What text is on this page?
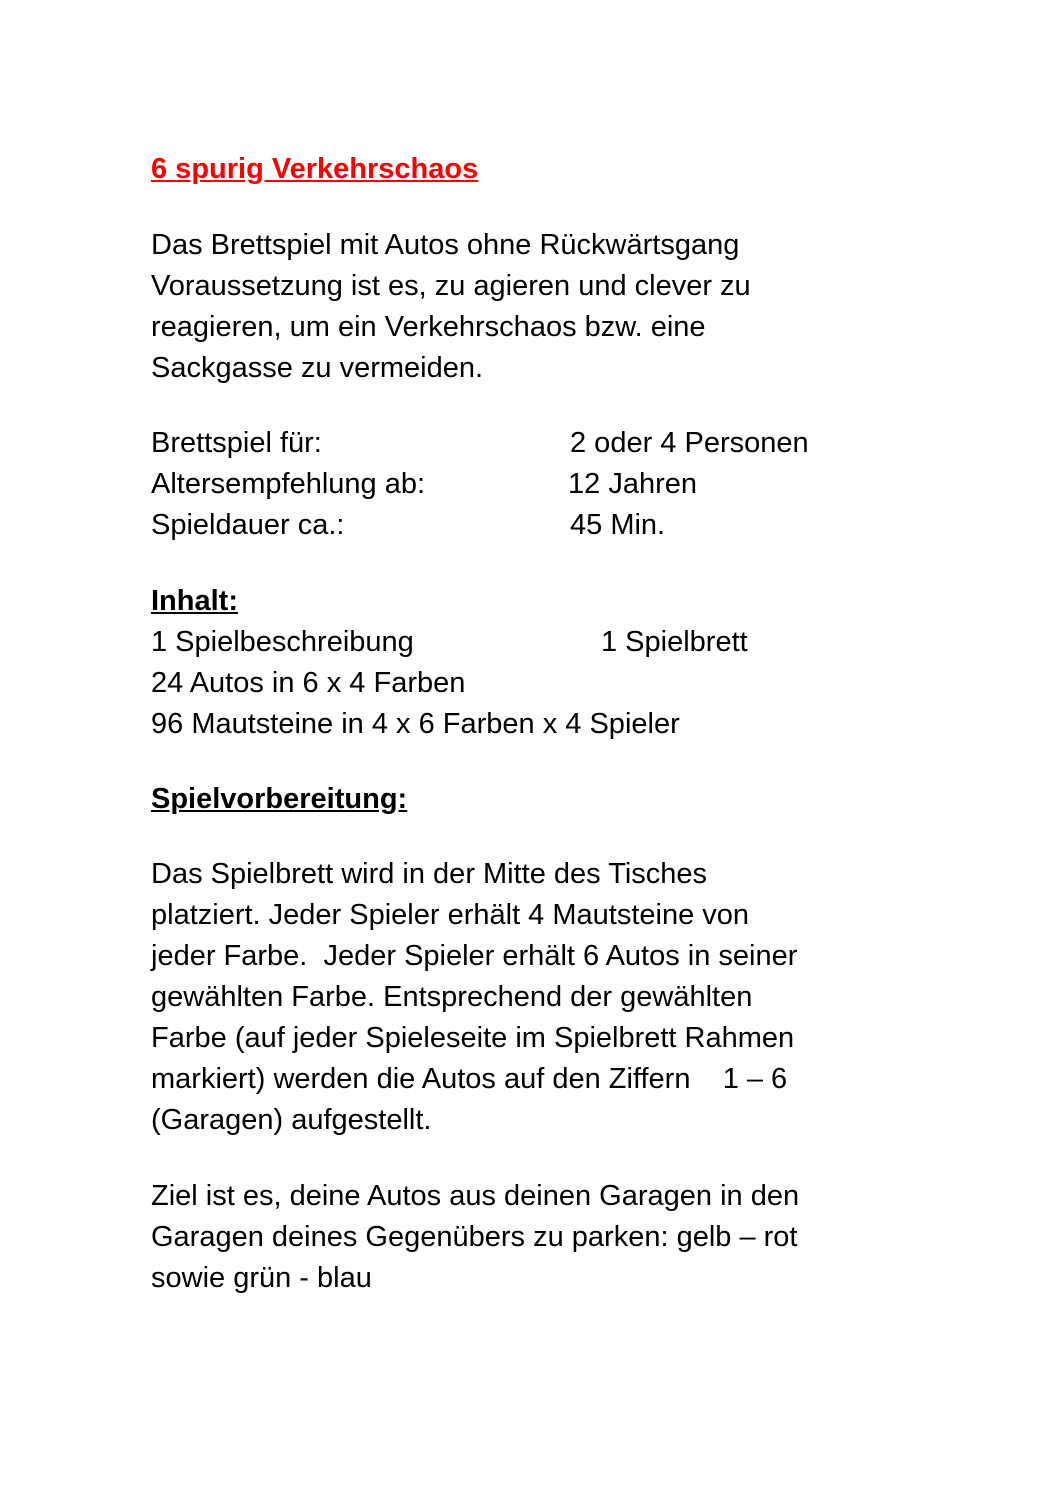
6 spurig Verkehrschaos
Das Brettspiel mit Autos ohne Rückwärtsgang
Voraussetzung ist es, zu agieren und clever zu
reagieren, um ein Verkehrschaos bzw. eine
Sackgasse zu vermeiden.
Brettspiel für:	2 oder 4 Personen
Altersempfehlung ab:	12 Jahren
Spieldauer ca.:	45 Min.
Inhalt:
1 Spielbeschreibung	1 Spielbrett
24 Autos in 6 x 4 Farben
96 Mautsteine in 4 x 6 Farben x 4 Spieler
Spielvorbereitung:
Das Spielbrett wird in der Mitte des Tisches
platziert. Jeder Spieler erhält 4 Mautsteine von
jeder Farbe.  Jeder Spieler erhält 6 Autos in seiner
gewählten Farbe. Entsprechend der gewählten
Farbe (auf jeder Spieleseite im Spielbrett Rahmen
markiert) werden die Autos auf den Ziffern    1 – 6
(Garagen) aufgestellt.
Ziel ist es, deine Autos aus deinen Garagen in den
Garagen deines Gegenübers zu parken: gelb – rot
sowie grün - blau
